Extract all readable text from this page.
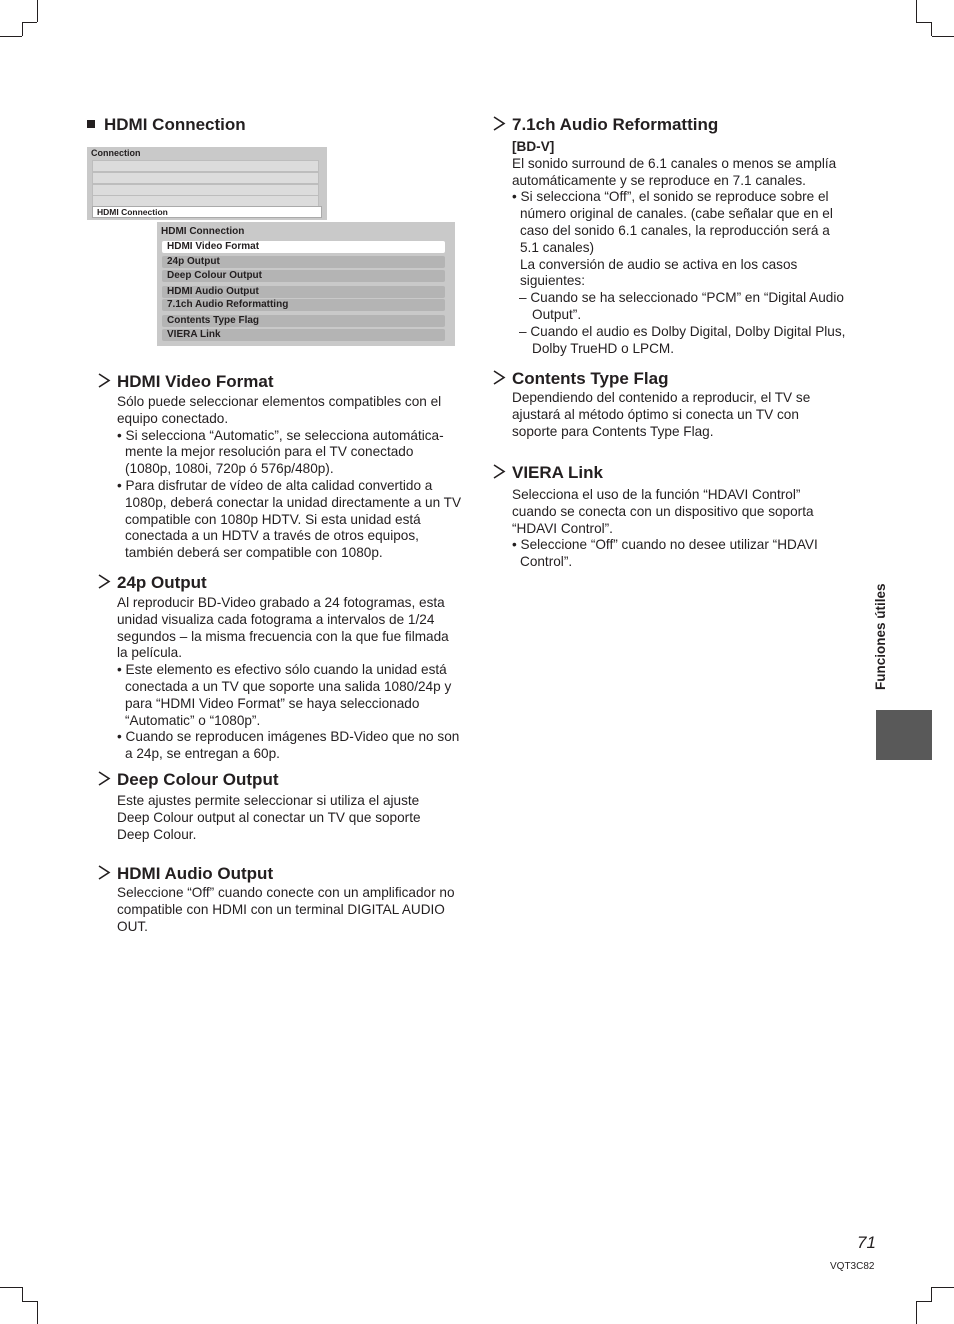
HDMI Connection
Connection
HDMI Connection
HDMI Connection
HDMI Video Format
24p Output
Deep Colour Output
HDMI Audio Output
7.1ch Audio Reformatting
Contents Type Flag
VIERA Link
HDMI Video Format

Sólo puede seleccionar elementos compatibles con el equipo conectado.

• Si selecciona “Automatic”, se selecciona automática-mente la mejor resolución para el TV conectado (1080p, 1080i, 720p ó 576p/480p).

• Para disfrutar de vídeo de alta calidad convertido a 1080p, deberá conectar la unidad directamente a un TV compatible con 1080p HDTV. Si esta unidad está conectada a un HDTV a través de otros equipos, también deberá ser compatible con 1080p.

24p Output

Al reproducir BD-Video grabado a 24 fotogramas, esta unidad visualiza cada fotograma a intervalos de 1/24 segundos – la misma frecuencia con la que fue filmada la película.

• Este elemento es efectivo sólo cuando la unidad está conectada a un TV que soporte una salida 1080/24p y para “HDMI Video Format” se haya seleccionado “Automatic” o “1080p”.

• Cuando se reproducen imágenes BD-Video que no son a 24p, se entregan a 60p.

Deep Colour Output

Este ajustes permite seleccionar si utiliza el ajuste Deep Colour output al conectar un TV que soporte Deep Colour.

HDMI Audio Output

Seleccione “Off” cuando conecte con un amplificador no compatible con HDMI con un terminal DIGITAL AUDIO OUT.

7.1ch Audio Reformatting

[BD-V]

El sonido surround de 6.1 canales o menos se amplía automáticamente y se reproduce en 7.1 canales.

• Si selecciona “Off”, el sonido se reproduce sobre el número original de canales. (cabe señalar que en el caso del sonido 6.1 canales, la reproducción será a 5.1 canales)

La conversión de audio se activa en los casos siguientes:

– Cuando se ha seleccionado “PCM” en “Digital Audio Output”.

– Cuando el audio es Dolby Digital, Dolby Digital Plus, Dolby TrueHD o LPCM.

Contents Type Flag

Dependiendo del contenido a reproducir, el TV se ajustará al método óptimo si conecta un TV con soporte para Contents Type Flag.

VIERA Link

Selecciona el uso de la función “HDAVI Control” cuando se conecta con un dispositivo que soporta “HDAVI Control”.

• Seleccione “Off” cuando no desee utilizar “HDAVI Control”.

Funciones útiles
71
VQT3C82
